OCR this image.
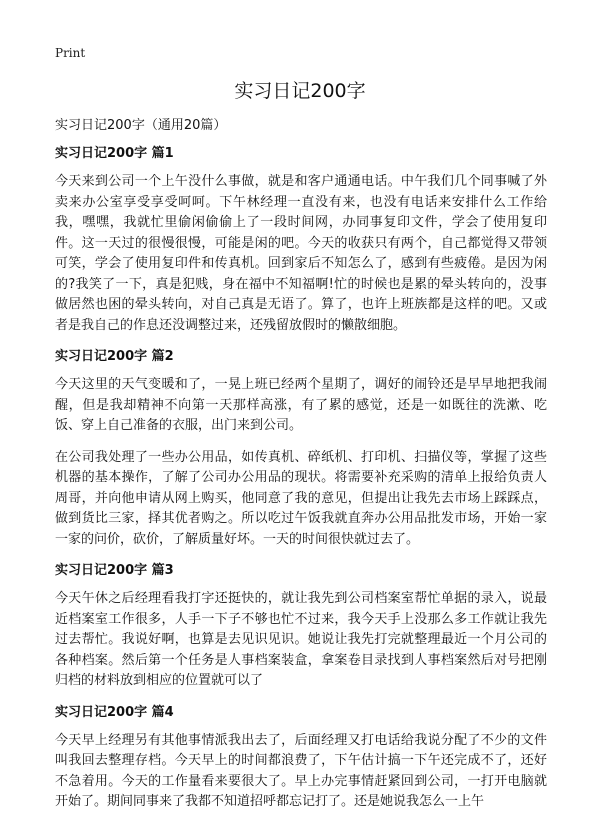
Print
实习日记200字

实习日记200字（通用20篇）

实习日记200字 篇1

今天来到公司一个上午没什么事做，就是和客户通通电话。中午我们几个同事喊了外卖来办公室享受享受呵呵。下午林经理一直没有来，也没有电话来安排什么工作给我，嘿嘿，我就忙里偷闲偷偷上了一段时间网，办同事复印文件，学会了使用复印件。这一天过的很慢很慢，可能是闲的吧。今天的收获只有两个，自己都觉得又带领可笑，学会了使用复印件和传真机。回到家后不知怎么了，感到有些疲倦。是因为闲的?我笑了一下，真是犯贱，身在福中不知福啊!忙的时候也是累的晕头转向的，没事做居然也困的晕头转向，对自己真是无语了。算了，也许上班族都是这样的吧。又或者是我自己的作息还没调整过来，还残留放假时的懒散细胞。

实习日记200字 篇2

今天这里的天气变暖和了，一晃上班已经两个星期了，调好的闹铃还是早早地把我闹醒，但是我却精神不向第一天那样高涨，有了累的感觉，还是一如既往的洗漱、吃饭、穿上自己准备的衣服，出门来到公司。

在公司我处理了一些办公用品，如传真机、碎纸机、打印机、扫描仪等，掌握了这些机器的基本操作，了解了公司办公用品的现状。将需要补充采购的清单上报给负责人周哥，并向他申请从网上购买，他同意了我的意见，但提出让我先去市场上踩踩点，做到货比三家，择其优者购之。所以吃过午饭我就直奔办公用品批发市场，开始一家一家的问价，砍价，了解质量好坏。一天的时间很快就过去了。

实习日记200字 篇3

今天午休之后经理看我打字还挺快的，就让我先到公司档案室帮忙单据的录入，说最近档案室工作很多，人手一下子不够也忙不过来，我今天手上没那么多工作就让我先过去帮忙。我说好啊，也算是去见识见识。她说让我先打完就整理最近一个月公司的各种档案。然后第一个任务是人事档案装盒，拿案卷目录找到人事档案然后对号把刚归档的材料放到相应的位置就可以了

实习日记200字 篇4

今天早上经理另有其他事情派我出去了，后面经理又打电话给我说分配了不少的文件叫我回去整理存档。今天早上的时间都浪费了，下午估计搞一下午还完成不了，还好不急着用。今天的工作量看来要很大了。早上办完事情赶紧回到公司，一打开电脑就开始了。期间同事来了我都不知道招呼都忘记打了。还是她说我怎么一上午
